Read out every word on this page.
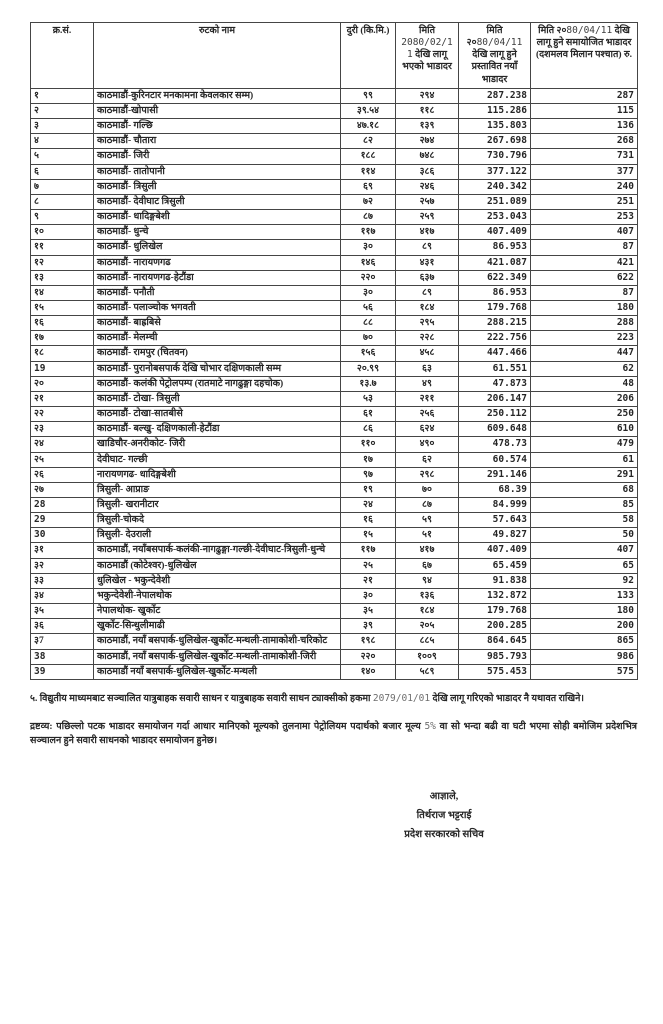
क्र.सं.	रुटको नाम	दुरी (कि.मि.)	मिति 2080/02/11 देखि लागू भएको भाडादर	मिति २०80/04/11 देखि लागू हुने प्रस्तावित नयाँ भाडादर	मिति २०80/04/11 देखि लागू हुने समायोजित भाडादर (दशमलव मिलान पश्चात) रु.
१	काठमाडौं-कुरिनटार मनकामना केवलकार सम्म)	९९	२९४	287.238	287
२	काठमाडौं-खोपासी	३९.५४	११८	115.286	115
३	काठमाडौं- गल्छि	४७.१८	१३९	135.803	136
४	काठमाडौं- चौतारा	८२	२७४	267.698	268
५	काठमाडौं- जिरी	१८८	७४८	730.796	731
६	काठमाडौं- तातोपानी	११४	३८६	377.122	377
७	काठमाडौं- त्रिसुली	६९	२४६	240.342	240
८	काठमाडौं- देवीघाट त्रिसुली	७२	२५७	251.089	251
९	काठमाडौं- धादिङ्गबेशी	८७	२५९	253.043	253
१०	काठमाडौं- धुन्चे	११७	४१७	407.409	407
११	काठमाडौं- धुलिखेल	३०	८९	86.953	87
१२	काठमाडौं- नारायणगढ	१४६	४३१	421.087	421
१३	काठमाडौं- नारायणगढ-हेटौंडा	२२०	६३७	622.349	622
१४	काठमाडौं- पनौती	३०	८९	86.953	87
१५	काठमाडौं- पलाञ्चोक भगवती	५६	१८४	179.768	180
१६	काठमाडौं- बाह्रबिसे	८८	२९५	288.215	288
१७	काठमाडौं- मेलम्ची	७०	२२८	222.756	223
१८	काठमाडौं- रामपुर (चितवन)	१५६	४५८	447.466	447
19	काठमाडौं- पुरानोबसपार्क देखि चोभार दक्षिणकाली सम्म	२०.९९	६३	61.551	62
२०	काठमाडौं- कलंकी पेट्रोलपम्प (रातमाटे नागढुङ्गा दहचोक)	१३.७	४९	47.873	48
२१	काठमाडौं- टोखा- त्रिसुली	५३	२११	206.147	206
२२	काठमाडौं- टोखा-सातबीसे	६१	२५६	250.112	250
२३	काठमाडौं- बल्खु- दक्षिणकाली-हेटौंडा	८६	६२४	609.648	610
२४	खाडिचौर-अनरीकोट- जिरी	११०	४९०	478.73	479
२५	देवीघाट- गल्छी	१७	६२	60.574	61
२६	नारायणगढ- धादिङ्गबेशी	९७	२९८	291.146	291
२७	त्रिसुली- आप्राङ	१९	७०	68.39	68
28	त्रिसुली- खरानीटार	२४	८७	84.999	85
29	त्रिसुली-चोकदे	१६	५९	57.643	58
30	त्रिसुली- देउराली	१५	५१	49.827	50
३१	काठमाडौं, नयाँबसपार्क-कलंकी-नागढुङ्गा-गल्छी-देवीघाट-त्रिसुली-धुन्चे	११७	४१७	407.409	407
३२	काठमाडौं (कोटेश्वर)-धुलिखेल	२५	६७	65.459	65
३३	धुलिखेल - भकुन्देवेशी	२१	९४	91.838	92
३४	भकुन्देवेशी-नेपालथोक	३०	१३६	132.872	133
३५	नेपालथोक- खुर्कोट	३५	१८४	179.768	180
३६	खुर्कोट-सिन्धुलीमाढी	३९	२०५	200.285	200
३7	काठमाडौं, नयाँ बसपार्क-धुलिखेल-खुर्कोट-मन्थली-तामाकोशी-चरिकोट	१९८	८८५	864.645	865
38	काठमाडौं, नयाँ बसपार्क-धुलिखेल-खुर्कोट-मन्थली-तामाकोशी-जिरी	२२०	१००९	985.793	986
39	काठमाडौं नयाँ बसपार्क-धुलिखेल-खुर्कोट-मन्थली	१४०	५८९	575.453	575

५. विद्युतीय माध्यमबाट सञ्चालित यात्रुबाहक सवारी साधन र यात्रुबाहक सवारी साधन ट्याक्सीको हकमा 2079/01/01 देखि लागू गरिएको भाडादर नै यथावत राखिने।

द्रष्टव्य: पछिल्लो पटक भाडादर समायोजन गर्दा आधार मानिएको मूल्यको तुलनामा पेट्रोलियम पदार्थको बजार मूल्य 5% वा सो भन्दा बढी वा घटी भएमा सोही बमोजिम प्रदेशभित्र सञ्चालन हुने सवारी साधनको भाडादर समायोजन हुनेछ।

आज्ञाले,
तिर्थराज भट्टराई
प्रदेश सरकारको सचिव
